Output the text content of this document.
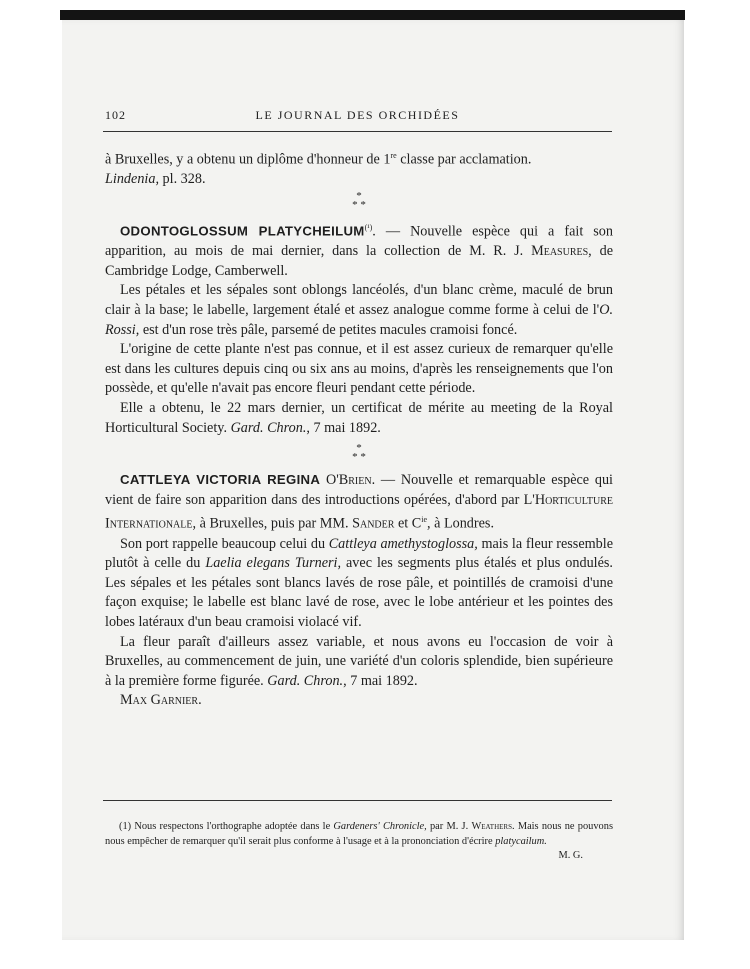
102	LE JOURNAL DES ORCHIDÉES

à Bruxelles, y a obtenu un diplôme d'honneur de 1re classe par acclamation.
Lindenia, pl. 328.

*
* *

ODONTOGLOSSUM $PLATYCHEILUM^{(^1)}$. — Nouvelle espèce qui a fait son apparition, au mois de mai dernier, dans la collection de M. R. J. Measures, de Cambridge Lodge, Camberwell.

Les pétales et les sépales sont oblongs lancéolés, d'un blanc crème, maculé de brun clair à la base; le labelle, largement étalé et assez analogue comme forme à celui de l'O. Rossi, est d'un rose très pâle, parsemé de petites macules cramoisi foncé.

L'origine de cette plante n'est pas connue, et il est assez curieux de remarquer qu'elle est dans les cultures depuis cinq ou six ans au moins, d'après les renseignements que l'on possède, et qu'elle n'avait pas encore fleuri pendant cette période.

Elle a obtenu, le 22 mars dernier, un certificat de mérite au meeting de la Royal Horticultural Society. Gard. Chron., 7 mai 1892.

*
* *

CATTLEYA VICTORIA REGINA O'Brien. — Nouvelle et remarquable espèce qui vient de faire son apparition dans des introductions opérées, d'abord par L'Horticulture Internationale, à Bruxelles, puis par MM. Sander et $C^{ie}$, à Londres.

Son port rappelle beaucoup celui du Cattleya amethystoglossa, mais la fleur ressemble plutôt à celle du Laelia elegans Turneri, avec les segments plus étalés et plus ondulés. Les sépales et les pétales sont blancs lavés de rose pâle, et pointillés de cramoisi d'une façon exquise; le labelle est blanc lavé de rose, avec le lobe antérieur et les pointes des lobes latéraux d'un beau cramoisi violacé vif.

La fleur paraît d'ailleurs assez variable, et nous avons eu l'occasion de voir à Bruxelles, au commencement de juin, une variété d'un coloris splendide, bien supérieure à la première forme figurée. Gard. Chron., 7 mai 1892.

Max Garnier.

(1) Nous respectons l'orthographe adoptée dans le Gardeners' Chronicle, par M. J. Weathers. Mais nous ne pouvons nous empêcher de remarquer qu'il serait plus conforme à l'usage et à la prononciation d'écrire platycailum.
M. G.
